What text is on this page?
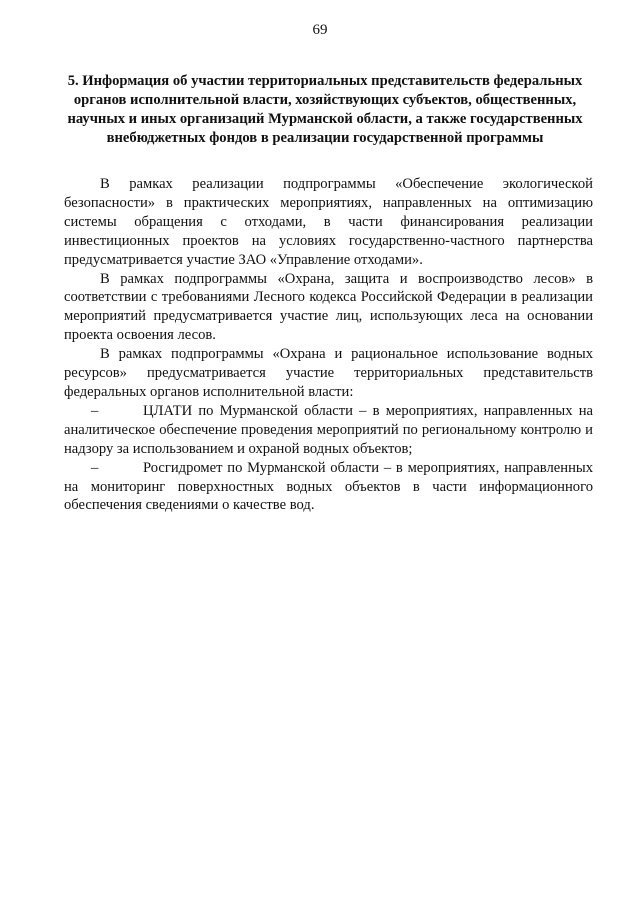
69

5. Информация об участии территориальных представительств федеральных органов исполнительной власти, хозяйствующих субъектов, общественных, научных и иных организаций Мурманской области, а также государственных внебюджетных фондов в реализации государственной программы

В рамках реализации подпрограммы «Обеспечение экологической безопасности» в практических мероприятиях, направленных на оптимизацию системы обращения с отходами, в части финансирования реализации инвестиционных проектов на условиях государственно-частного партнерства предусматривается участие ЗАО «Управление отходами».

В рамках подпрограммы «Охрана, защита и воспроизводство лесов» в соответствии с требованиями Лесного кодекса Российской Федерации в реализации мероприятий предусматривается участие лиц, использующих леса на основании проекта освоения лесов.

В рамках подпрограммы «Охрана и рациональное использование водных ресурсов» предусматривается участие территориальных представительств федеральных органов исполнительной власти:

–	ЦЛАТИ по Мурманской области – в мероприятиях, направленных на аналитическое обеспечение проведения мероприятий по региональному контролю и надзору за использованием и охраной водных объектов;

–	Росгидромет по Мурманской области – в мероприятиях, направленных на мониторинг поверхностных водных объектов в части информационного обеспечения сведениями о качестве вод.
